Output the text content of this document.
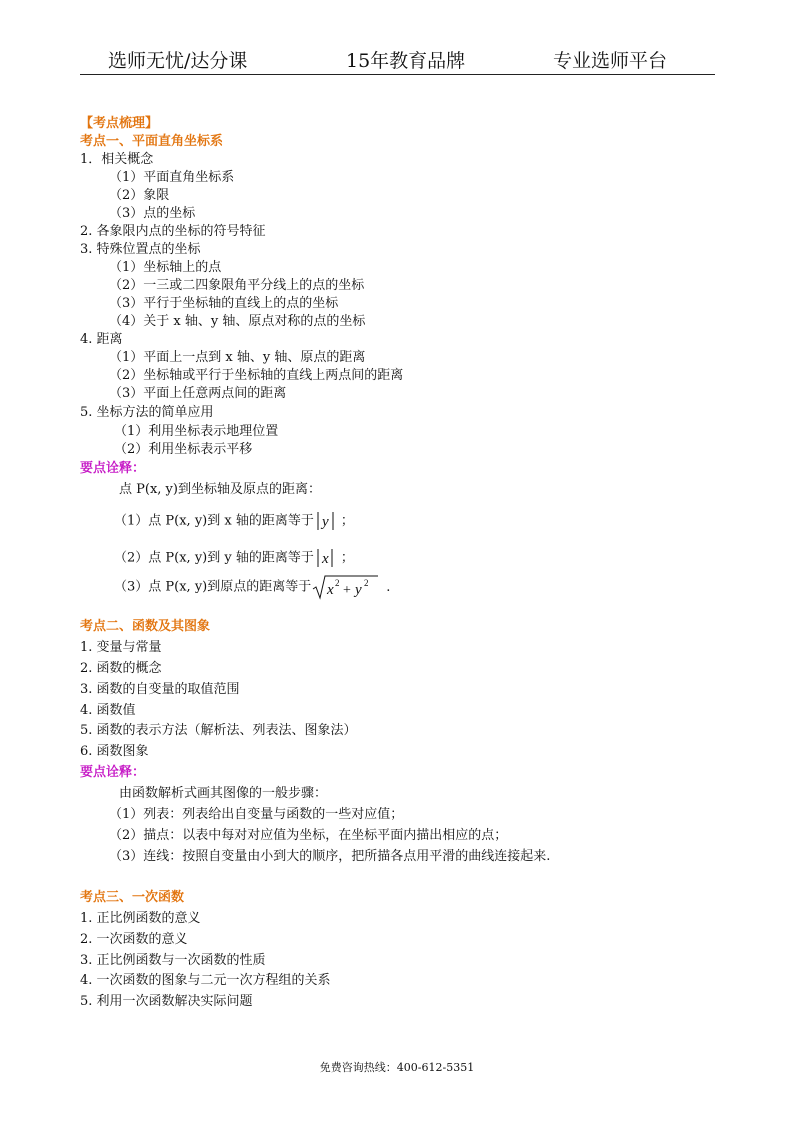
选师无忧/达分课	15年教育品牌	专业选师平台
【考点梳理】
考点一、平面直角坐标系
1．相关概念
（1）平面直角坐标系
（2）象限
（3）点的坐标
2. 各象限内点的坐标的符号特征
3. 特殊位置点的坐标
（1）坐标轴上的点
（2）一三或二四象限角平分线上的点的坐标
（3）平行于坐标轴的直线上的点的坐标
（4）关于 x 轴、y 轴、原点对称的点的坐标
4. 距离
（1）平面上一点到 x 轴、y 轴、原点的距离
（2）坐标轴或平行于坐标轴的直线上两点间的距离
（3）平面上任意两点间的距离
5. 坐标方法的简单应用
（1）利用坐标表示地理位置
（2）利用坐标表示平移
要点诠释：
点 P(x, y)到坐标轴及原点的距离：
（1）点 P(x, y)到 x 轴的距离等于 y ；
（2）点 P(x, y)到 y 轴的距离等于 x ；
（3）点 P(x, y)到原点的距离等于 x 2 + y 2 .
考点二、函数及其图象
1. 变量与常量
2. 函数的概念
3. 函数的自变量的取值范围
4. 函数值
5. 函数的表示方法（解析法、列表法、图象法）
6. 函数图象
要点诠释：
由函数解析式画其图像的一般步骤：
（1）列表：列表给出自变量与函数的一些对应值；
（2）描点：以表中每对对应值为坐标，在坐标平面内描出相应的点；
（3）连线：按照自变量由小到大的顺序，把所描各点用平滑的曲线连接起来.
考点三、一次函数
1. 正比例函数的意义
2. 一次函数的意义
3. 正比例函数与一次函数的性质
4. 一次函数的图象与二元一次方程组的关系
5. 利用一次函数解决实际问题
免费咨询热线：400-612-5351
